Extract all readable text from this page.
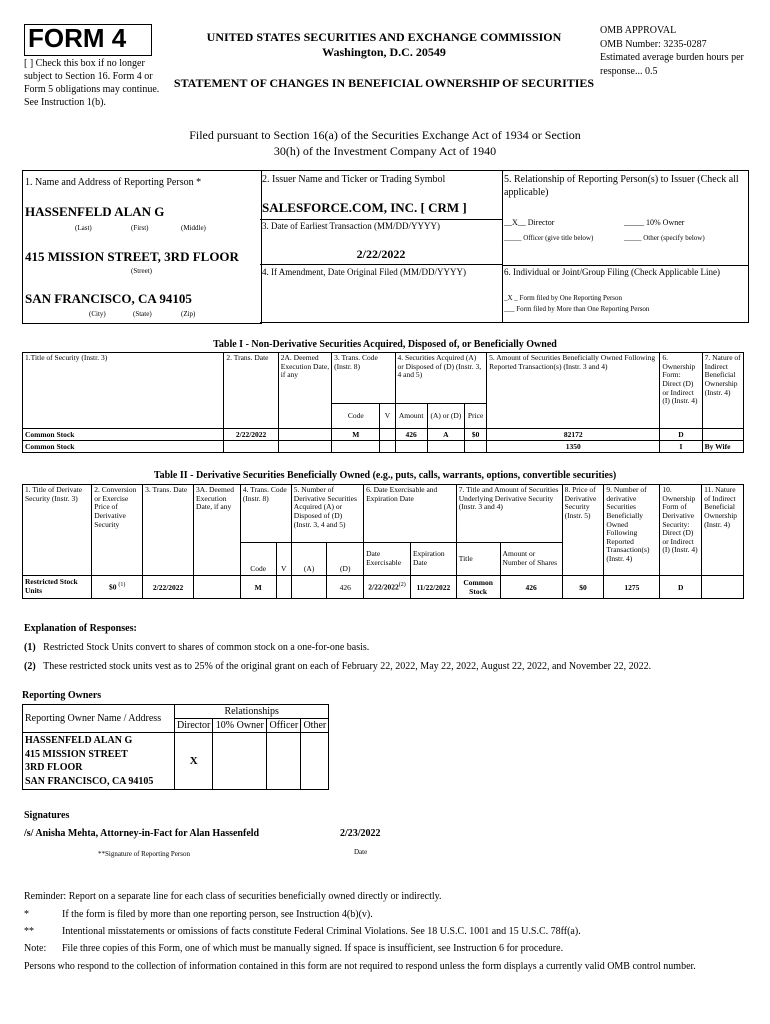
FORM 4
[ ] Check this box if no longer subject to Section 16. Form 4 or Form 5 obligations may continue. See Instruction 1(b).
UNITED STATES SECURITIES AND EXCHANGE COMMISSION
Washington, D.C. 20549
STATEMENT OF CHANGES IN BENEFICIAL OWNERSHIP OF SECURITIES
OMB APPROVAL
OMB Number: 3235-0287
Estimated average burden hours per response... 0.5
Filed pursuant to Section 16(a) of the Securities Exchange Act of 1934 or Section 30(h) of the Investment Company Act of 1940
1. Name and Address of Reporting Person *
HASSENFELD ALAN G
(Last)	(First)	(Middle)
415 MISSION STREET, 3RD FLOOR
(Street)
SAN FRANCISCO, CA 94105
(City)	(State)	(Zip)
2. Issuer Name and Ticker or Trading Symbol
SALESFORCE.COM, INC. [ CRM ]
3. Date of Earliest Transaction (MM/DD/YYYY)
2/22/2022
4. If Amendment, Date Original Filed (MM/DD/YYYY)
5. Relationship of Reporting Person(s) to Issuer (Check all applicable)
__X__ Director	_____ 10% Owner
_____ Officer (give title below)	_____ Other (specify below)
6. Individual or Joint/Group Filing (Check Applicable Line)
_X _ Form filed by One Reporting Person
___ Form filed by More than One Reporting Person
Table I - Non-Derivative Securities Acquired, Disposed of, or Beneficially Owned
1.Title of Security (Instr. 3)	2. Trans. Date	2A. Deemed Execution Date, if any	3. Trans. Code (Instr. 8)		4. Securities Acquired (A) or Disposed of (D) (Instr. 3, 4 and 5)			5. Amount of Securities Beneficially Owned Following Reported Transaction(s) (Instr. 3 and 4)	6. Ownership Form: Direct (D) or Indirect (I) (Instr. 4)	7. Nature of Indirect Beneficial Ownership (Instr. 4)
			Code	V	Amount	(A) or (D)	Price			
Common Stock	2/22/2022		M		426	A	$0	82172	D	
Common Stock								1350	I	By Wife
Table II - Derivative Securities Beneficially Owned (e.g., puts, calls, warrants, options, convertible securities)
1. Title of Derivate Security (Instr. 3)	2. Conversion or Exercise Price of Derivative Security	3. Trans. Date	3A. Deemed Execution Date, if any	4. Trans. Code (Instr. 8)		5. Number of Derivative Securities Acquired (A) or Disposed of (D) (Instr. 3, 4 and 5)		6. Date Exercisable and Expiration Date		7. Title and Amount of Securities Underlying Derivative Security (Instr. 3 and 4)		8. Price of Derivative Security (Instr. 5)	9. Number of derivative Securities Beneficially Owned Following Reported Transaction(s) (Instr. 4)	10. Ownership Form of Derivative Security: Direct (D) or Indirect (I) (Instr. 4)	11. Nature of Indirect Beneficial Ownership (Instr. 4)
				Code	V	(A)	(D)	Date Exercisable	Expiration Date	Title	Amount or Number of Shares				
Restricted Stock Units	$0 $^{(1)}$	2/22/2022		M			426	2/22/2022$^{(2)}$	11/22/2022	Common Stock	426	$0	1275	D	
Explanation of Responses:
(1) Restricted Stock Units convert to shares of common stock on a one-for-one basis.
(2) These restricted stock units vest as to 25% of the original grant on each of February 22, 2022, May 22, 2022, August 22, 2022, and November 22, 2022.
Reporting Owners
Reporting Owner Name / Address	Relationships			
	Director	10% Owner	Officer	Other

HASSENFELD ALAN G
415 MISSION STREET
3RD FLOOR
SAN FRANCISCO, CA 94105	X			
Signatures
/s/ Anisha Mehta, Attorney-in-Fact for Alan Hassenfeld	2/23/2022
**Signature of Reporting Person	Date
Reminder: Report on a separate line for each class of securities beneficially owned directly or indirectly.
*	If the form is filed by more than one reporting person, see Instruction 4(b)(v).
**	Intentional misstatements or omissions of facts constitute Federal Criminal Violations. See 18 U.S.C. 1001 and 15 U.S.C. 78ff(a).
Note: File three copies of this Form, one of which must be manually signed. If space is insufficient, see Instruction 6 for procedure.
Persons who respond to the collection of information contained in this form are not required to respond unless the form displays a currently valid OMB control number.
